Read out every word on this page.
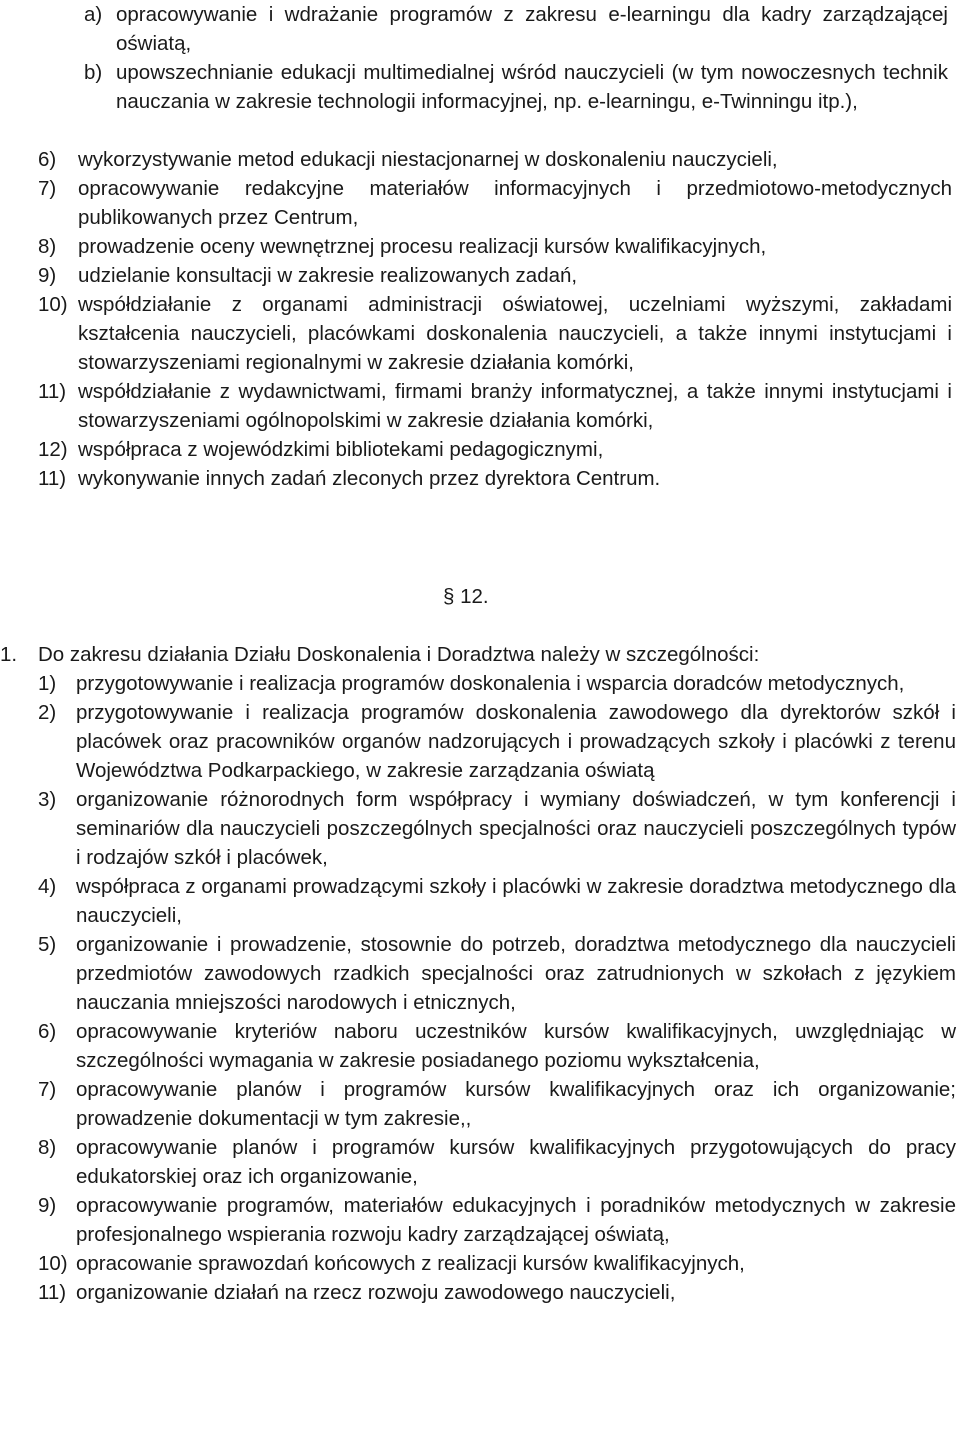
a) opracowywanie i wdrażanie programów z zakresu e-learningu dla kadry zarządzającej oświatą,
b) upowszechnianie edukacji multimedialnej wśród nauczycieli (w tym nowoczesnych technik nauczania w zakresie technologii informacyjnej, np. e-learningu, e-Twinningu itp.),
6)	wykorzystywanie metod edukacji niestacjonarnej w doskonaleniu nauczycieli,
7)	opracowywanie redakcyjne materiałów informacyjnych i przedmiotowo-metodycznych publikowanych przez Centrum,
8)	prowadzenie oceny wewnętrznej procesu realizacji kursów kwalifikacyjnych,
9)	udzielanie konsultacji w zakresie realizowanych zadań,
10) współdziałanie z organami administracji oświatowej, uczelniami wyższymi, zakładami kształcenia nauczycieli, placówkami doskonalenia nauczycieli, a także innymi instytucjami i stowarzyszeniami regionalnymi w zakresie działania komórki,
11) współdziałanie z wydawnictwami, firmami branży informatycznej, a także innymi instytucjami i stowarzyszeniami ogólnopolskimi w zakresie działania komórki,
12) współpraca z wojewódzkimi bibliotekami pedagogicznymi,
11) wykonywanie innych zadań zleconych przez dyrektora Centrum.
§ 12.
1.	Do zakresu działania Działu Doskonalenia i Doradztwa należy w szczególności:
1) przygotowywanie i realizacja programów doskonalenia i wsparcia doradców metodycznych,
2) przygotowywanie i realizacja programów doskonalenia zawodowego dla dyrektorów szkół i placówek oraz pracowników organów nadzorujących i prowadzących szkoły i placówki z terenu Województwa Podkarpackiego, w zakresie zarządzania oświatą
3) organizowanie różnorodnych form współpracy i wymiany doświadczeń, w tym konferencji i seminariów dla nauczycieli poszczególnych specjalności oraz nauczycieli poszczególnych typów i rodzajów szkół i placówek,
4) współpraca z organami prowadzącymi szkoły i placówki w zakresie doradztwa metodycznego dla nauczycieli,
5) organizowanie i prowadzenie, stosownie do potrzeb, doradztwa metodycznego dla nauczycieli przedmiotów zawodowych rzadkich specjalności oraz zatrudnionych w szkołach z językiem nauczania mniejszości narodowych i etnicznych,
6) opracowywanie kryteriów naboru uczestników kursów kwalifikacyjnych, uwzględniając w szczególności wymagania w zakresie posiadanego poziomu wykształcenia,
7) opracowywanie planów i programów kursów kwalifikacyjnych oraz ich organizowanie; prowadzenie dokumentacji w tym zakresie,,
8) opracowywanie planów i programów kursów kwalifikacyjnych przygotowujących do pracy edukatorskiej oraz ich organizowanie,
9) opracowywanie programów, materiałów edukacyjnych i poradników metodycznych w zakresie profesjonalnego wspierania rozwoju kadry zarządzającej oświatą,
10) opracowanie sprawozdań końcowych z realizacji kursów kwalifikacyjnych,
11) organizowanie działań na rzecz rozwoju zawodowego nauczycieli,
